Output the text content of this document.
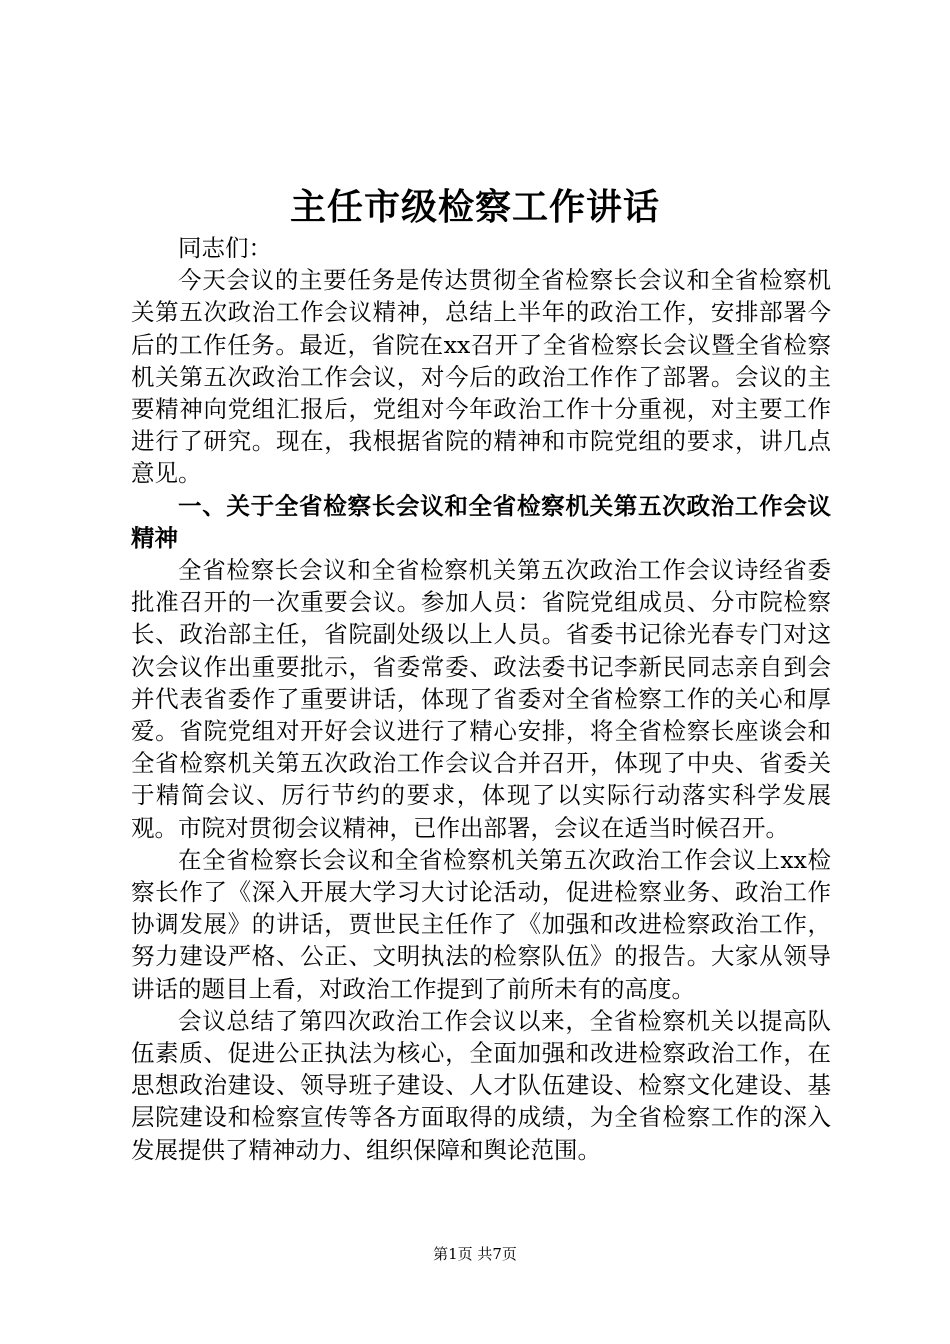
主任市级检察工作讲话

同志们：

今天会议的主要任务是传达贯彻全省检察长会议和全省检察机关第五次政治工作会议精神，总结上半年的政治工作，安排部署今后的工作任务。最近，省院在xx召开了全省检察长会议暨全省检察机关第五次政治工作会议，对今后的政治工作作了部署。会议的主要精神向党组汇报后，党组对今年政治工作十分重视，对主要工作进行了研究。现在，我根据省院的精神和市院党组的要求，讲几点意见。

一、关于全省检察长会议和全省检察机关第五次政治工作会议精神

全省检察长会议和全省检察机关第五次政治工作会议诗经省委批准召开的一次重要会议。参加人员：省院党组成员、分市院检察长、政治部主任，省院副处级以上人员。省委书记徐光春专门对这次会议作出重要批示，省委常委、政法委书记李新民同志亲自到会并代表省委作了重要讲话，体现了省委对全省检察工作的关心和厚爱。省院党组对开好会议进行了精心安排，将全省检察长座谈会和全省检察机关第五次政治工作会议合并召开，体现了中央、省委关于精简会议、厉行节约的要求，体现了以实际行动落实科学发展观。市院对贯彻会议精神，已作出部署，会议在适当时候召开。

在全省检察长会议和全省检察机关第五次政治工作会议上xx检察长作了《深入开展大学习大讨论活动，促进检察业务、政治工作协调发展》的讲话，贾世民主任作了《加强和改进检察政治工作，努力建设严格、公正、文明执法的检察队伍》的报告。大家从领导讲话的题目上看，对政治工作提到了前所未有的高度。

会议总结了第四次政治工作会议以来，全省检察机关以提高队伍素质、促进公正执法为核心，全面加强和改进检察政治工作，在思想政治建设、领导班子建设、人才队伍建设、检察文化建设、基层院建设和检察宣传等各方面取得的成绩，为全省检察工作的深入发展提供了精神动力、组织保障和舆论范围。

第1页 共7页
